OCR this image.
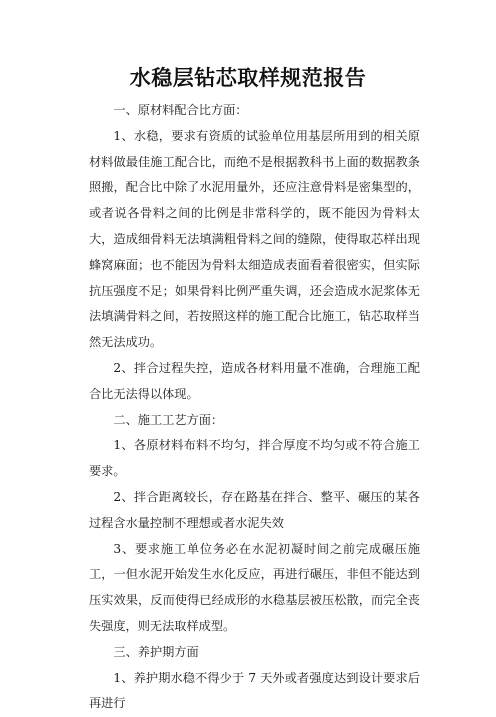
水稳层钻芯取样规范报告

一、原材料配合比方面：

1、水稳，要求有资质的试验单位用基层所用到的相关原材料做最佳施工配合比，而绝不是根据教科书上面的数据教条照搬，配合比中除了水泥用量外，还应注意骨料是密集型的，或者说各骨料之间的比例是非常科学的，既不能因为骨料太大，造成细骨料无法填满粗骨料之间的缝隙，使得取芯样出现蜂窝麻面；也不能因为骨料太细造成表面看着很密实，但实际抗压强度不足；如果骨料比例严重失调，还会造成水泥浆体无法填满骨料之间，若按照这样的施工配合比施工，钻芯取样当然无法成功。

2、拌合过程失控，造成各材料用量不准确，合理施工配合比无法得以体现。

二、施工工艺方面：

1、各原材料布料不均匀，拌合厚度不均匀或不符合施工要求。

2、拌合距离较长，存在路基在拌合、整平、碾压的某各过程含水量控制不理想或者水泥失效

3、要求施工单位务必在水泥初凝时间之前完成碾压施工，一但水泥开始发生水化反应，再进行碾压，非但不能达到压实效果，反而使得已经成形的水稳基层被压松散，而完全丧失强度，则无法取样成型。

三、养护期方面

1、养护期水稳不得少于 7 天外或者强度达到设计要求后再进行
